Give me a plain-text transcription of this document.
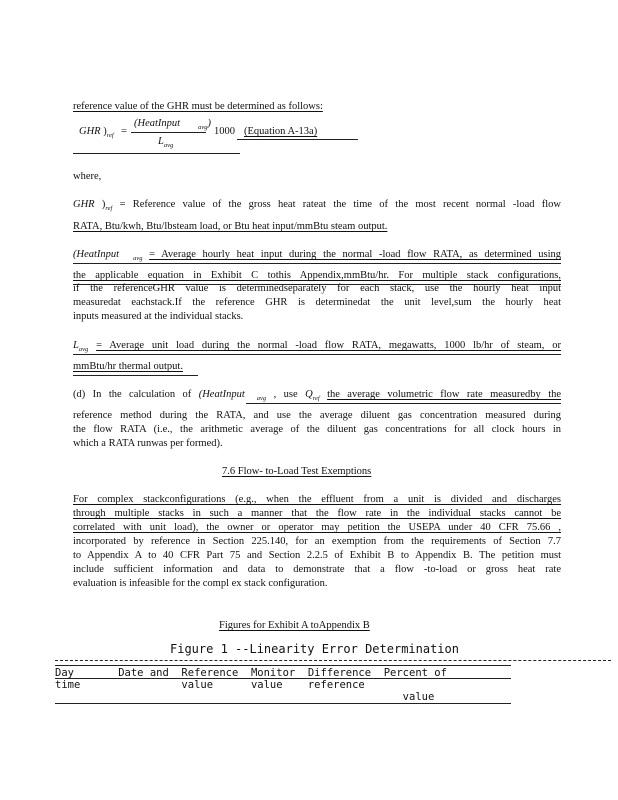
reference value of the GHR must be determined as follows:
GHR )$_{ref}$ =
(HeatInput	$_{avg}$)
$L_{avg}$
1000 (Equation A-13a)
where,
GHR )$_{ref}$ = Reference value of the gross heat rateat the time of the most recent normal -load flow
RATA, Btu/kwh, Btu/lbsteam load, or Btu heat input/mmBtu steam output.
(HeatInput $_{avg}$ = Average hourly heat input during the normal -load flow RATA, as determined using
the applicable equation in Exhibit C tothis Appendix,mmBtu/hr. For multiple stack configurations,
if the referenceGHR value is determinedseparately for each stack, use the hourly heat input
measuredat eachstack.If the reference GHR is determinedat the unit level,sum the hourly heat
inputs measured at the individual stacks.
$L_{avg}$ = Average unit load during the normal -load flow RATA, megawatts, 1000 lb/hr of steam, or
mmBtu/hr thermal output.
(d) In the calculation of (HeatInput $_{avg}$ , use $Q_{ref}$ the average volumetric flow rate measuredby the
reference method during the RATA, and use the average diluent gas concentration measured during
the flow RATA (i.e., the arithmetic average of the diluent gas concentrations for all clock hours in
which a RATA runwas per formed).
7.6 Flow- to-Load Test Exemptions
For complex stackconfigurations (e.g., when the effluent from a unit is divided and discharges
through multiple stacks in such a manner that the flow rate in the individual stacks cannot be
correlated with unit load), the owner or operator may petition the USEPA under 40 CFR 75.66 ,
incorporated by reference in Section 225.140, for an exemption from the requirements of Section 7.7
to Appendix A to 40 CFR Part 75 and Section 2.2.5 of Exhibit B to Appendix B. The petition must
include sufficient information and data to demonstrate that a flow -to-load or gross heat rate
evaluation is infeasible for the compl ex stack configuration.
Figures for Exhibit A toAppendix B
Figure 1 --Linearity Error Determination
Day       Date and  Reference  Monitor  Difference  Percent of
time                value      value    reference
value
